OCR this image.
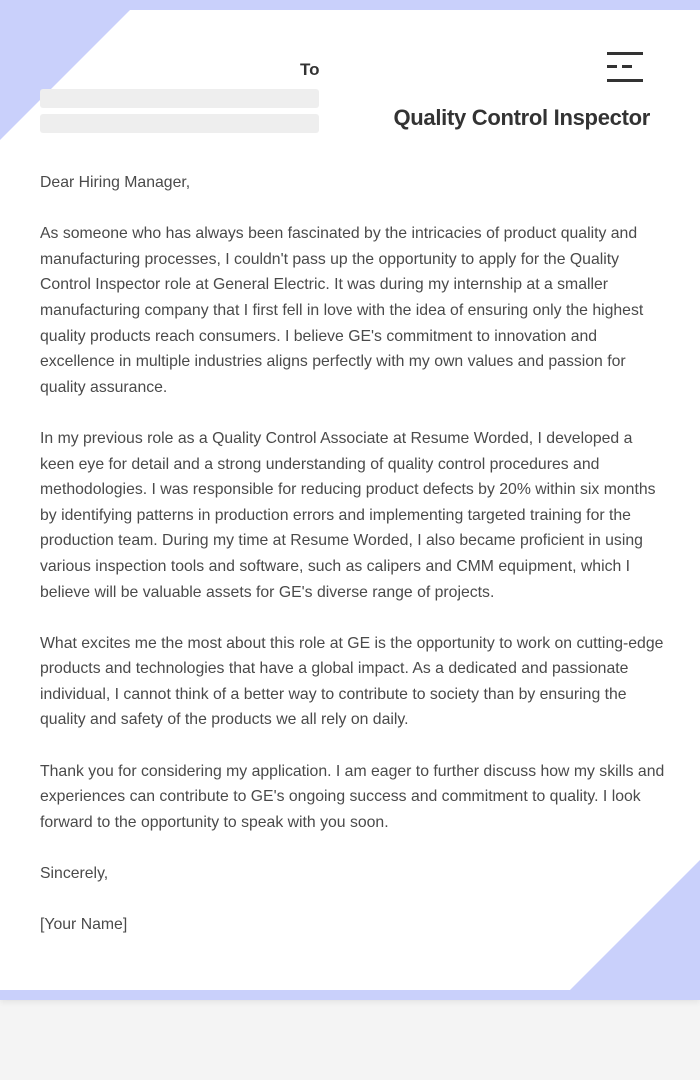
To
Quality Control Inspector

Dear Hiring Manager,

As someone who has always been fascinated by the intricacies of product quality and manufacturing processes, I couldn't pass up the opportunity to apply for the Quality Control Inspector role at General Electric. It was during my internship at a smaller manufacturing company that I first fell in love with the idea of ensuring only the highest quality products reach consumers. I believe GE's commitment to innovation and excellence in multiple industries aligns perfectly with my own values and passion for quality assurance.

In my previous role as a Quality Control Associate at Resume Worded, I developed a keen eye for detail and a strong understanding of quality control procedures and methodologies. I was responsible for reducing product defects by 20% within six months by identifying patterns in production errors and implementing targeted training for the production team. During my time at Resume Worded, I also became proficient in using various inspection tools and software, such as calipers and CMM equipment, which I believe will be valuable assets for GE's diverse range of projects.

What excites me the most about this role at GE is the opportunity to work on cutting-edge products and technologies that have a global impact. As a dedicated and passionate individual, I cannot think of a better way to contribute to society than by ensuring the quality and safety of the products we all rely on daily.

Thank you for considering my application. I am eager to further discuss how my skills and experiences can contribute to GE's ongoing success and commitment to quality. I look forward to the opportunity to speak with you soon.

Sincerely,

[Your Name]
